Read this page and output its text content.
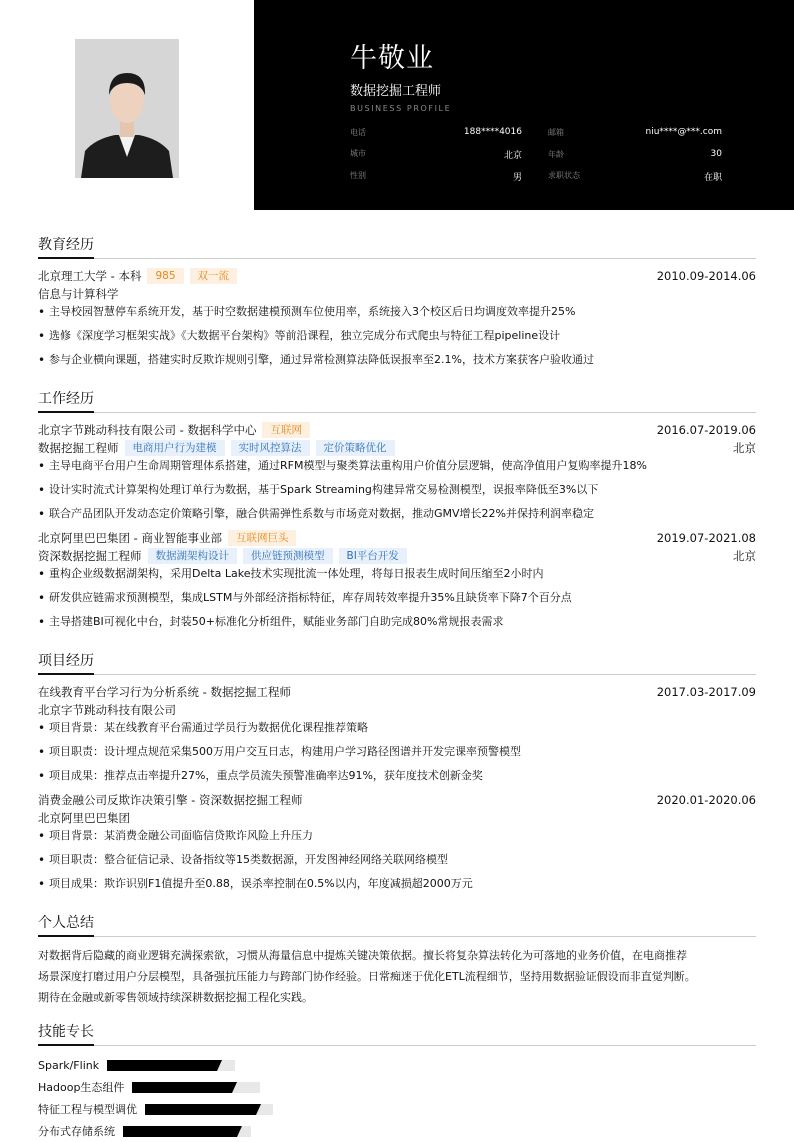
牛敬业
数据挖掘工程师
BUSINESS PROFILE
电话	188****4016	邮箱	niu****@***.com
城市	北京	年龄	30
性别	男	求职状态	在职
教育经历
北京理工大学 - 本科	985	双一流	2010.09-2014.06
信息与计算科学
• 主导校园智慧停车系统开发，基于时空数据建模预测车位使用率，系统接入3个校区后日均调度效率提升25%
• 选修《深度学习框架实战》《大数据平台架构》等前沿课程，独立完成分布式爬虫与特征工程pipeline设计
• 参与企业横向课题，搭建实时反欺诈规则引擎，通过异常检测算法降低误报率至2.1%，技术方案获客户验收通过
工作经历
北京字节跳动科技有限公司 - 数据科学中心	互联网	2016.07-2019.06
数据挖掘工程师	电商用户行为建模	实时风控算法	定价策略优化	北京
• 主导电商平台用户生命周期管理体系搭建，通过RFM模型与聚类算法重构用户价值分层逻辑，使高净值用户复购率提升18%
• 设计实时流式计算架构处理订单行为数据，基于Spark Streaming构建异常交易检测模型，误报率降低至3%以下
• 联合产品团队开发动态定价策略引擎，融合供需弹性系数与市场竞对数据，推动GMV增长22%并保持利润率稳定
北京阿里巴巴集团 - 商业智能事业部	互联网巨头	2019.07-2021.08
资深数据挖掘工程师	数据湖架构设计	供应链预测模型	BI平台开发	北京
• 重构企业级数据湖架构，采用Delta Lake技术实现批流一体处理，将每日报表生成时间压缩至2小时内
• 研发供应链需求预测模型，集成LSTM与外部经济指标特征，库存周转效率提升35%且缺货率下降7个百分点
• 主导搭建BI可视化中台，封装50+标准化分析组件，赋能业务部门自助完成80%常规报表需求
项目经历
在线教育平台学习行为分析系统 - 数据挖掘工程师	2017.03-2017.09
北京字节跳动科技有限公司
• 项目背景：某在线教育平台需通过学员行为数据优化课程推荐策略
• 项目职责：设计埋点规范采集500万用户交互日志，构建用户学习路径图谱并开发完课率预警模型
• 项目成果：推荐点击率提升27%，重点学员流失预警准确率达91%，获年度技术创新金奖
消费金融公司反欺诈决策引擎 - 资深数据挖掘工程师	2020.01-2020.06
北京阿里巴巴集团
• 项目背景：某消费金融公司面临信贷欺诈风险上升压力
• 项目职责：整合征信记录、设备指纹等15类数据源，开发图神经网络关联网络模型
• 项目成果：欺诈识别F1值提升至0.88，误杀率控制在0.5%以内，年度减损超2000万元
个人总结
对数据背后隐藏的商业逻辑充满探索欲，习惯从海量信息中提炼关键决策依据。擅长将复杂算法转化为可落地的业务价值，在电商推荐
场景深度打磨过用户分层模型，具备强抗压能力与跨部门协作经验。日常痴迷于优化ETL流程细节，坚持用数据验证假设而非直觉判断。
期待在金融或新零售领域持续深耕数据挖掘工程化实践。
技能专长
Spark/Flink
Hadoop生态组件
特征工程与模型调优
分布式存储系统
